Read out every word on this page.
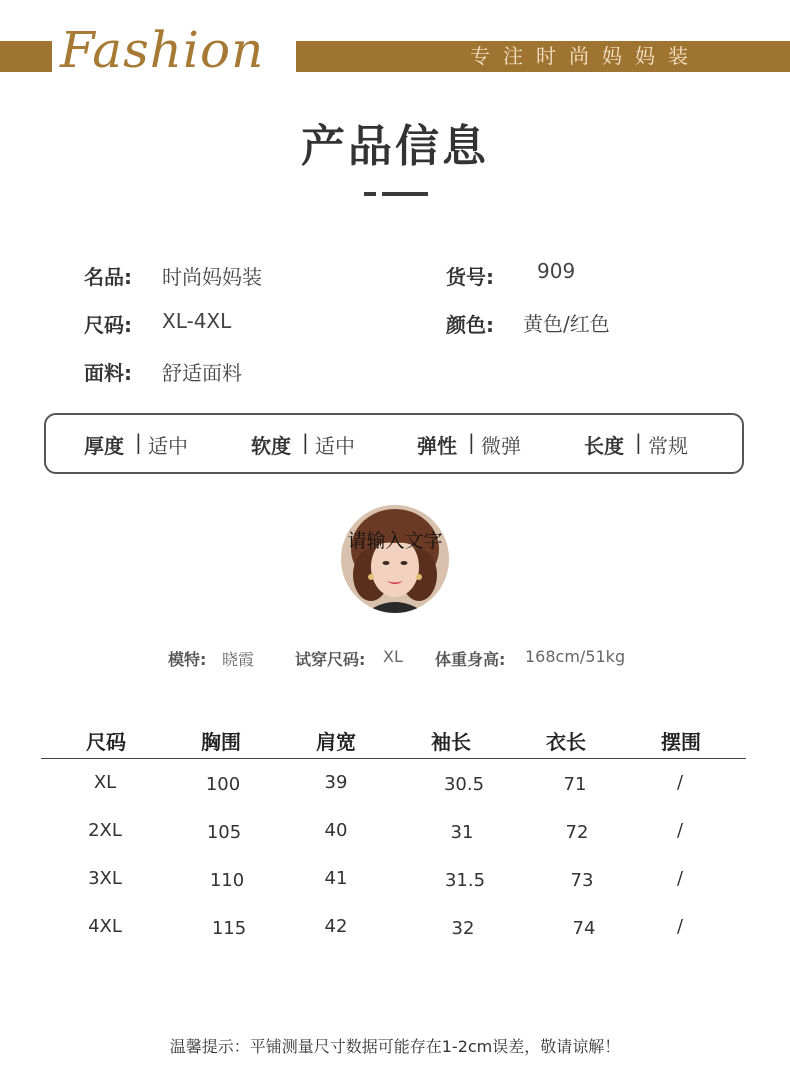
Fashion	专注时尚妈妈装
产品信息
名品: 时尚妈妈装	货号: 909
尺码: XL-4XL	颜色: 黄色/红色
面料: 舒适面料
厚度 | 适中	软度 | 适中	弹性 | 微弹	长度 | 常规
请输入文字
模特: 晓霞	试穿尺码: XL 体重身高: 168cm/51kg
尺码	胸围	肩宽	袖长	衣长	摆围
XL	100	39	30.5	71	/
2XL	105	40	31	72	/
3XL	110	41	31.5	73	/
4XL	115	42	32	74	/
温馨提示：平铺测量尺寸数据可能存在1-2cm误差，敬请谅解！
